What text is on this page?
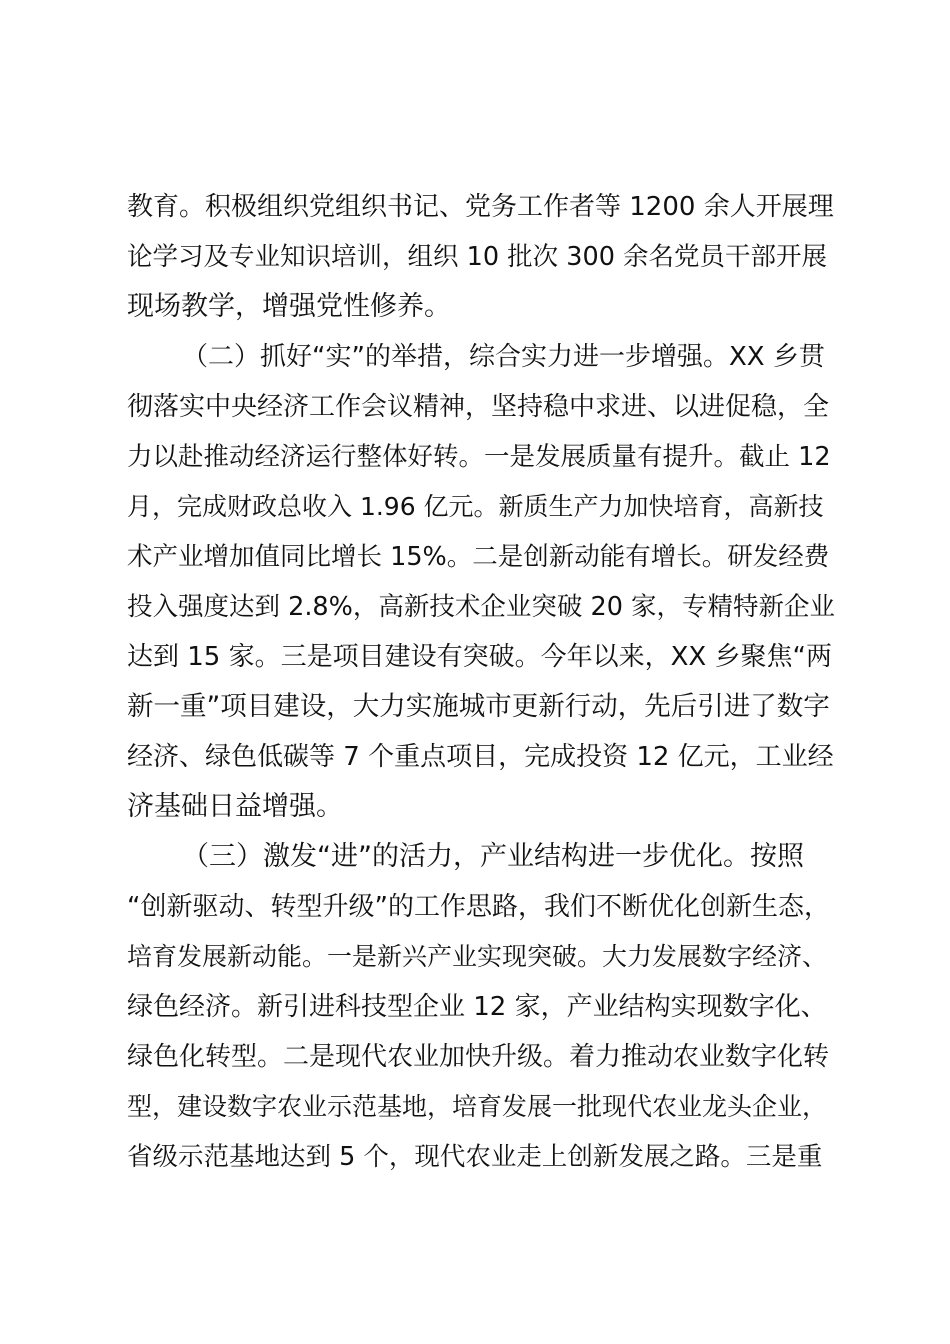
教育。积极组织党组织书记、党务工作者等 1200 余人开展理

论学习及专业知识培训，组织 10 批次 300 余名党员干部开展

现场教学，增强党性修养。

（二）抓好“实”的举措，综合实力进一步增强。XX 乡贯

彻落实中央经济工作会议精神，坚持稳中求进、以进促稳，全

力以赴推动经济运行整体好转。一是发展质量有提升。截止 12

月，完成财政总收入 1.96 亿元。新质生产力加快培育，高新技

术产业增加值同比增长 15%。二是创新动能有增长。研发经费

投入强度达到 2.8%，高新技术企业突破 20 家，专精特新企业

达到 15 家。三是项目建设有突破。今年以来，XX 乡聚焦“两

新一重”项目建设，大力实施城市更新行动，先后引进了数字

经济、绿色低碳等 7 个重点项目，完成投资 12 亿元，工业经

济基础日益增强。

（三）激发“进”的活力，产业结构进一步优化。按照

“创新驱动、转型升级”的工作思路，我们不断优化创新生态，

培育发展新动能。一是新兴产业实现突破。大力发展数字经济、

绿色经济。新引进科技型企业 12 家，产业结构实现数字化、

绿色化转型。二是现代农业加快升级。着力推动农业数字化转

型，建设数字农业示范基地，培育发展一批现代农业龙头企业，

省级示范基地达到 5 个，现代农业走上创新发展之路。三是重
